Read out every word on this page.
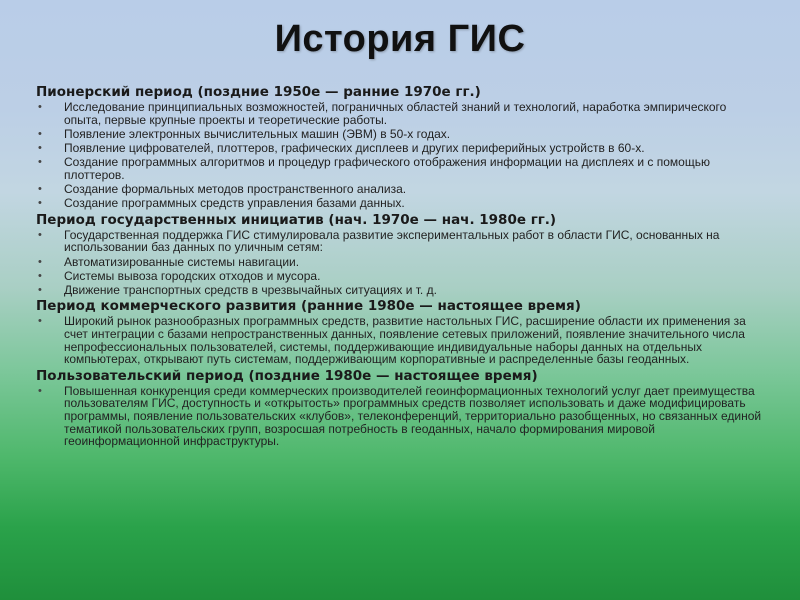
История ГИС
Пионерский период (поздние 1950е — ранние 1970е гг.)
• Исследование принципиальных возможностей, пограничных областей знаний и технологий, наработка эмпирического опыта, первые крупные проекты и теоретические работы.
• Появление электронных вычислительных машин (ЭВМ) в 50-х годах.
• Появление цифрователей, плоттеров, графических дисплеев и других периферийных устройств в 60-х.
• Создание программных алгоритмов и процедур графического отображения информации на дисплеях и с помощью плоттеров.
• Создание формальных методов пространственного анализа.
• Создание программных средств управления базами данных.
Период государственных инициатив (нач. 1970е — нач. 1980е гг.)
• Государственная поддержка ГИС стимулировала развитие экспериментальных работ в области ГИС, основанных на использовании баз данных по уличным сетям:
• Автоматизированные системы навигации.
• Системы вывоза городских отходов и мусора.
• Движение транспортных средств в чрезвычайных ситуациях и т. д.
Период коммерческого развития (ранние 1980е — настоящее время)
• Широкий рынок разнообразных программных средств, развитие настольных ГИС, расширение области их применения за счет интеграции с базами непространственных данных, появление сетевых приложений, появление значительного числа непрофессиональных пользователей, системы, поддерживающие индивидуальные наборы данных на отдельных компьютерах, открывают путь системам, поддерживающим корпоративные и распределенные базы геоданных.
Пользовательский период (поздние 1980е — настоящее время)
• Повышенная конкуренция среди коммерческих производителей геоинформационных технологий услуг дает преимущества пользователям ГИС, доступность и «открытость» программных средств позволяет использовать и даже модифицировать программы, появление пользовательских «клубов», телеконференций, территориально разобщенных, но связанных единой тематикой пользовательских групп, возросшая потребность в геоданных, начало формирования мировой геоинформационной инфраструктуры.
